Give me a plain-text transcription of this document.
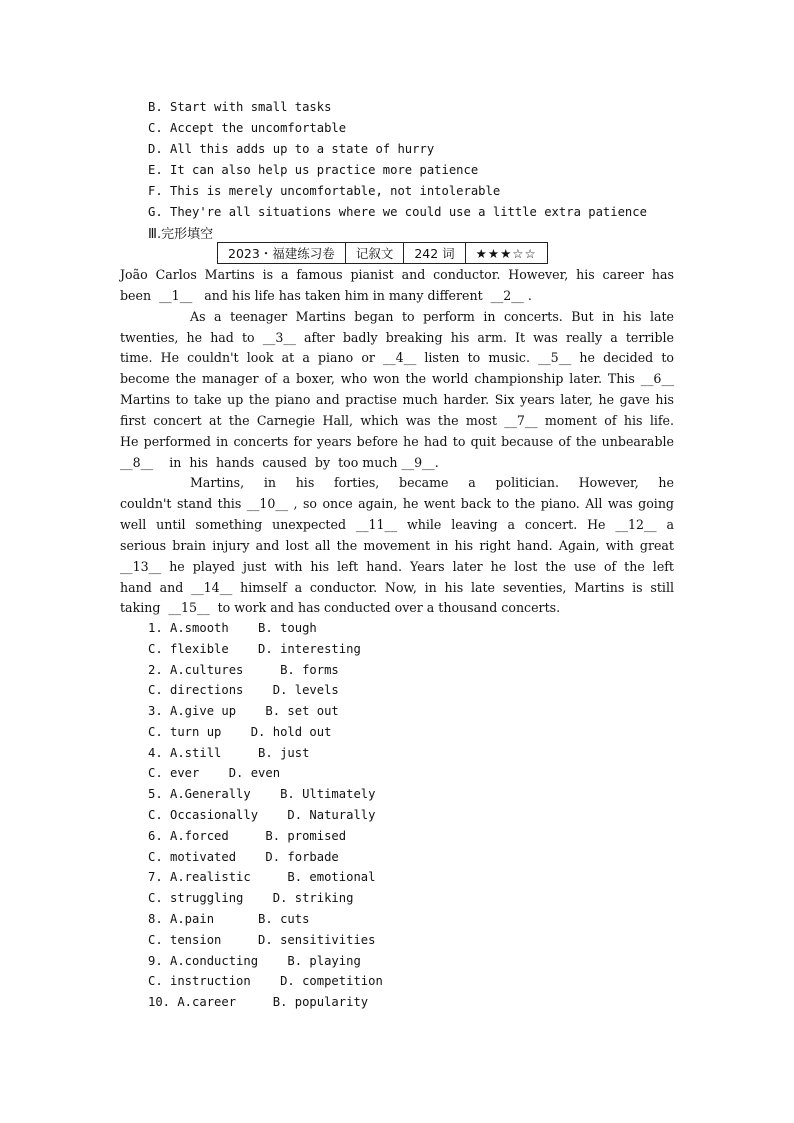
B. Start with small tasks
C. Accept the uncomfortable
D. All this adds up to a state of hurry
E. It can also help us practice more patience
F. This is merely uncomfortable, not intolerable
G. They're all situations where we could use a little extra patience
Ⅲ.完形填空
2023・福建练习卷	记叙文	242 词	★★★☆☆
João Carlos Martins is a famous pianist and conductor. However, his career has
been  __1__   and his life has taken him in many different  __2__ .
As a teenager Martins began to perform in concerts. But in his late
twenties, he had to __3__ after badly breaking his arm. It was really a terrible
time. He couldn't look at a piano or __4__ listen to music. __5__ he decided to
become the manager of a boxer, who won the world championship later. This __6__
Martins to take up the piano and practise much harder. Six years later, he gave his
first concert at the Carnegie Hall, which was the most __7__ moment of his life.
He performed in concerts for years before he had to quit because of the unbearable
__8__    in  his  hands  caused  by  too much __9__.
Martins, in his forties, became a politician. However, he
couldn't stand this __10__ , so once again, he went back to the piano. All was going
well until something unexpected __11__ while leaving a concert. He __12__ a
serious brain injury and lost all the movement in his right hand. Again, with great
__13__ he played just with his left hand. Years later he lost the use of the left
hand and __14__ himself a conductor. Now, in his late seventies, Martins is still
taking  __15__  to work and has conducted over a thousand concerts.
1. A.smooth    B. tough
C. flexible    D. interesting
2. A.cultures     B. forms
C. directions    D. levels
3. A.give up    B. set out
C. turn up    D. hold out
4. A.still     B. just
C. ever    D. even
5. A.Generally    B. Ultimately
C. Occasionally    D. Naturally
6. A.forced     B. promised
C. motivated    D. forbade
7. A.realistic     B. emotional
C. struggling    D. striking
8. A.pain      B. cuts
C. tension     D. sensitivities
9. A.conducting    B. playing
C. instruction    D. competition
10. A.career     B. popularity
